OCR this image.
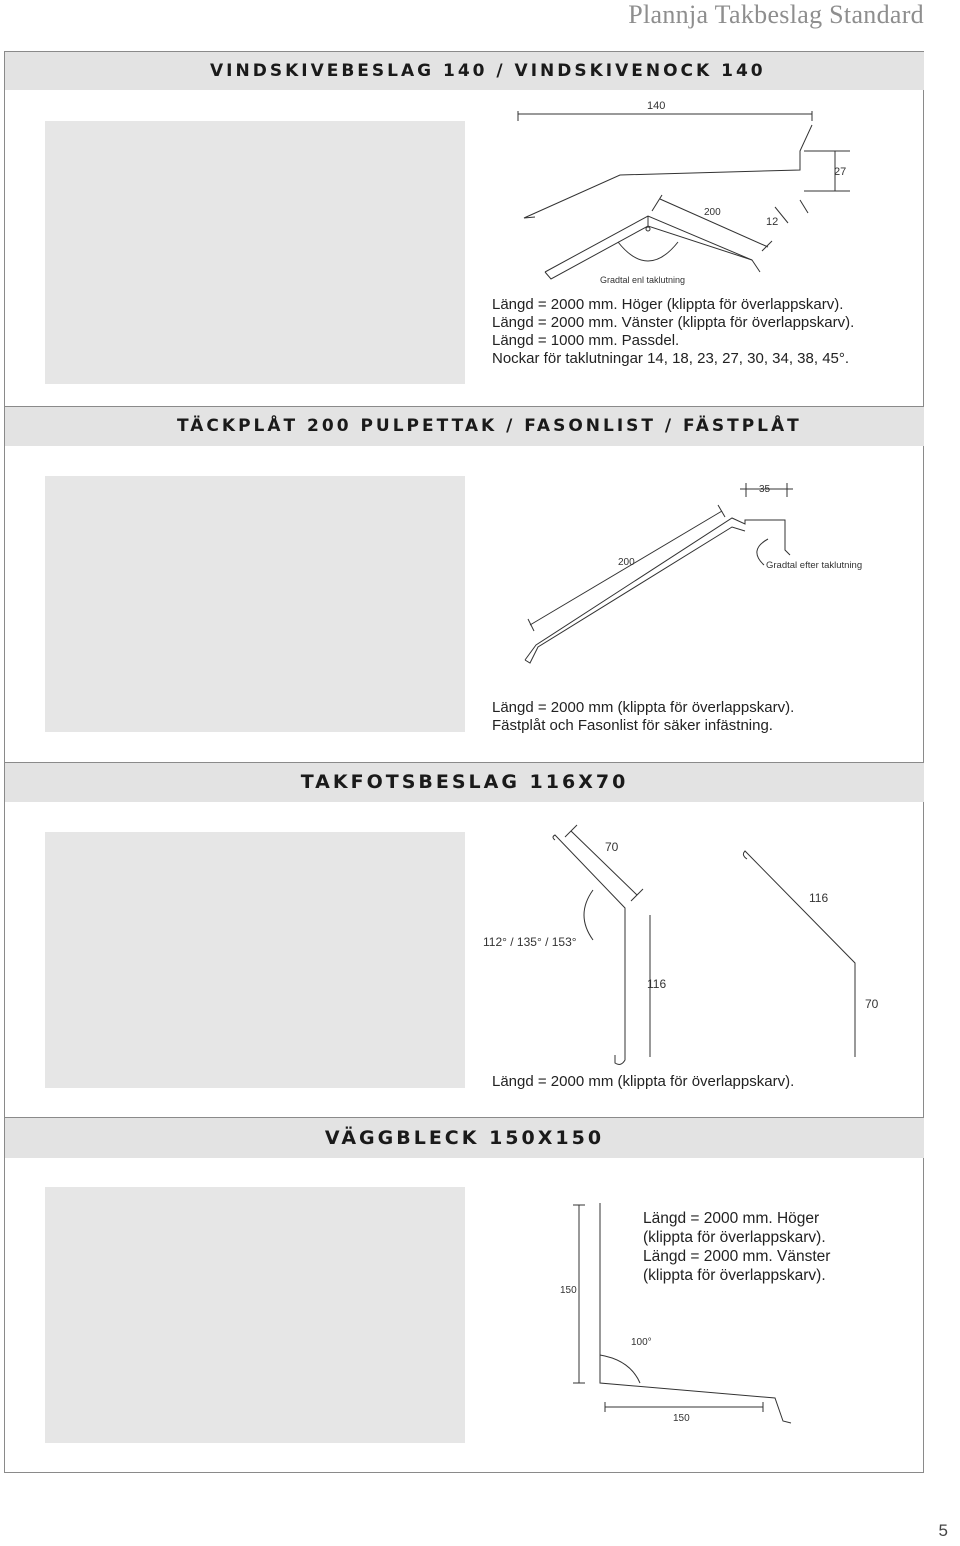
Plannja Takbeslag Standard
VINDSKIVEBESLAG 140 / VINDSKIVENOCK 140
140
27
200
12
Gradtal enl taklutning
Längd = 2000 mm. Höger (klippta för överlappskarv).
Längd = 2000 mm. Vänster (klippta för överlappskarv).
Längd = 1000 mm. Passdel.
Nockar för taklutningar 14, 18, 23, 27, 30, 34, 38, 45°.
TÄCKPLÅT 200 PULPETTAK / FASONLIST / FÄSTPLÅT
35
200	Gradtal efter taklutning
Längd = 2000 mm (klippta för överlappskarv).
Fästplåt och Fasonlist för säker infästning.
TAKFOTSBESLAG 116X70
70
116
112° / 135° / 153°
116
70
Längd = 2000 mm (klippta för överlappskarv).
VÄGGBLECK 150X150
150
100°
150
Längd = 2000 mm. Höger
(klippta för överlappskarv).
Längd = 2000 mm. Vänster
(klippta för överlappskarv).
5
